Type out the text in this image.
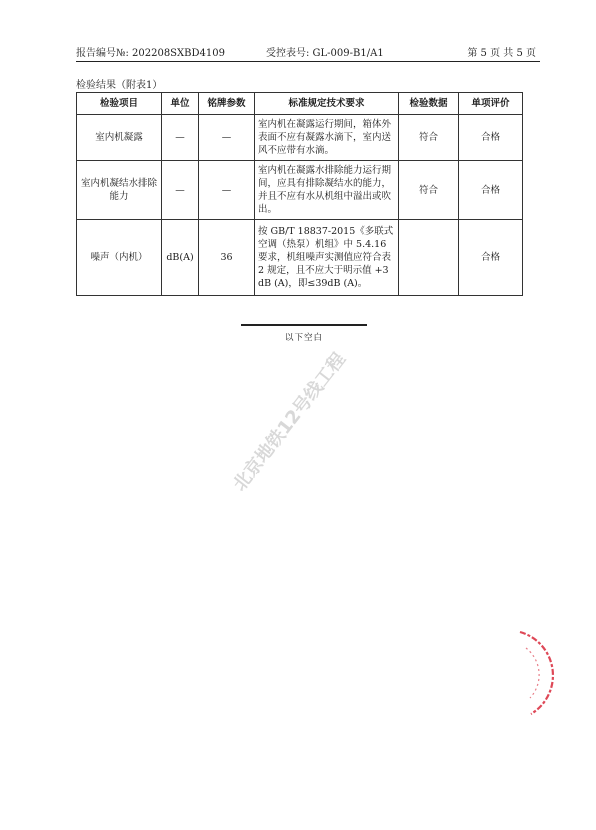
报告编号№: 202208SXBD4109	受控表号: GL-009-B1/A1	第 5 页 共 5 页
检验结果（附表1）
检验项目	单位	铭牌参数	标准规定技术要求	检验数据	单项评价
室内机凝露	—	—	室内机在凝露运行期间，箱体外表面不应有凝露水滴下，室内送风不应带有水滴。	符合	合格
室内机凝结水排除能力	—	—	室内机在凝露水排除能力运行期间，应具有排除凝结水的能力，并且不应有水从机组中溢出或吹出。	符合	合格
噪声（内机）	dB(A)	36	按 GB/T 18837-2015《多联式空调（热泵）机组》中 5.4.16 要求，机组噪声实测值应符合表 2 规定，且不应大于明示值 +3 dB (A)，即≤39dB (A)。		合格
以下空白
北京地铁12号线工程
